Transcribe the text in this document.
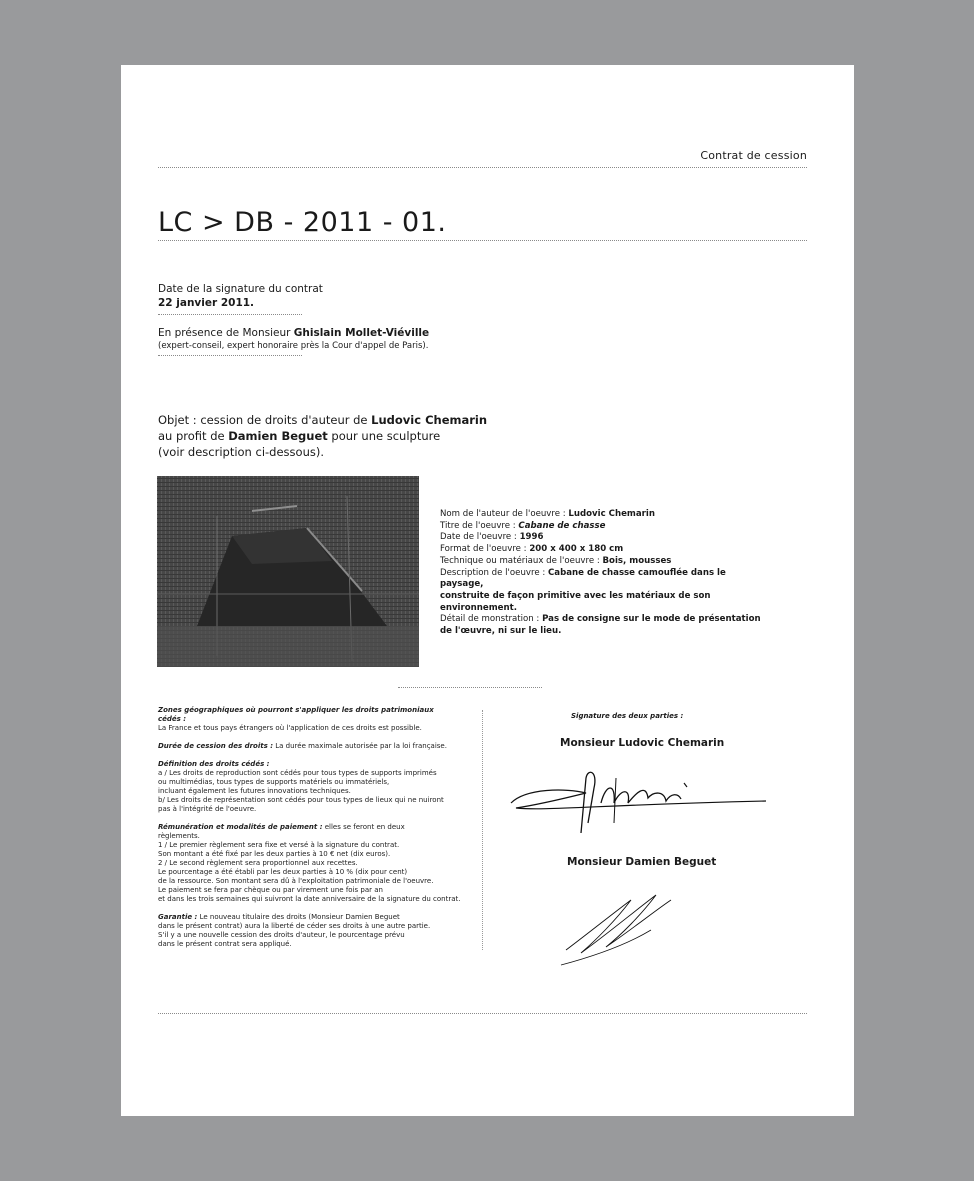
Contrat de cession
LC > DB - 2011 - 01.
Date de la signature du contrat
22 janvier 2011.
En présence de Monsieur Ghislain Mollet-Viéville
(expert-conseil, expert honoraire près la Cour d'appel de Paris).
Objet : cession de droits d'auteur de Ludovic Chemarin
au profit de Damien Beguet pour une sculpture
(voir description ci-dessous).
Nom de l'auteur de l'oeuvre : Ludovic Chemarin
Titre de l'oeuvre : Cabane de chasse
Date de l'oeuvre : 1996
Format de l'oeuvre : 200 x 400 x 180 cm
Technique ou matériaux de l'oeuvre : Bois, mousses
Description de l'oeuvre : Cabane de chasse camouflée dans le paysage,
construite de façon primitive avec les matériaux de son environnement.
Détail de monstration : Pas de consigne sur le mode de présentation
de l'œuvre, ni sur le lieu.

Zones géographiques où pourront s'appliquer les droits patrimoniaux cédés :
La France et tous pays étrangers où l'application de ces droits est possible.

Durée de cession des droits : La durée maximale autorisée par la loi française.

Définition des droits cédés :
a / Les droits de reproduction sont cédés pour tous types de supports imprimés
ou multimédias, tous types de supports matériels ou immatériels,
incluant également les futures innovations techniques.
b/ Les droits de représentation sont cédés pour tous types de lieux qui ne nuiront
pas à l'intégrité de l'oeuvre.

Rémunération et modalités de paiement : elles se feront en deux règlements.
1 / Le premier règlement sera fixe et versé à la signature du contrat.
Son montant a été fixé par les deux parties à 10 € net (dix euros).
2 / Le second règlement sera proportionnel aux recettes.
Le pourcentage a été établi par les deux parties à 10 % (dix pour cent)
de la ressource. Son montant sera dû à l'exploitation patrimoniale de l'oeuvre.
Le paiement se fera par chèque ou par virement une fois par an
et dans les trois semaines qui suivront la date anniversaire de la signature du contrat.

Garantie : Le nouveau titulaire des droits (Monsieur Damien Beguet
dans le présent contrat) aura la liberté de céder ses droits à une autre partie.
S'il y a une nouvelle cession des droits d'auteur, le pourcentage prévu
dans le présent contrat sera appliqué.

Signature des deux parties :
Monsieur Ludovic Chemarin
Monsieur Damien Beguet
